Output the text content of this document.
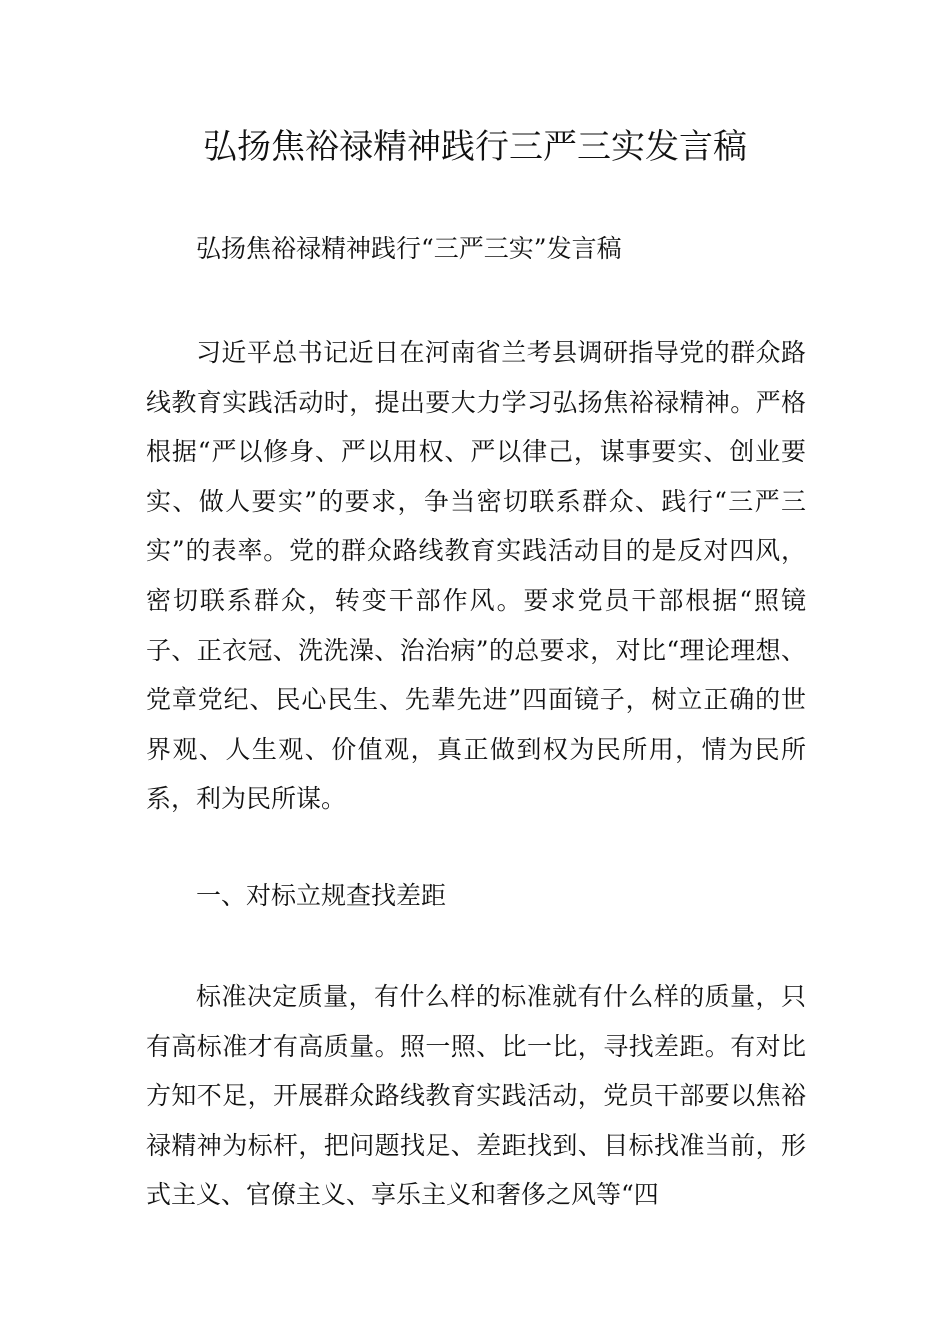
弘扬焦裕禄精神践行三严三实发言稿

弘扬焦裕禄精神践行“三严三实”发言稿

习近平总书记近日在河南省兰考县调研指导党的群众路线教育实践活动时，提出要大力学习弘扬焦裕禄精神。严格根据“严以修身、严以用权、严以律己，谋事要实、创业要实、做人要实”的要求，争当密切联系群众、践行“三严三实”的表率。党的群众路线教育实践活动目的是反对四风，密切联系群众，转变干部作风。要求党员干部根据“照镜子、正衣冠、洗洗澡、治治病”的总要求，对比“理论理想、党章党纪、民心民生、先辈先进”四面镜子，树立正确的世界观、人生观、价值观，真正做到权为民所用，情为民所系，利为民所谋。

一、对标立规查找差距

标准决定质量，有什么样的标准就有什么样的质量，只有高标准才有高质量。照一照、比一比，寻找差距。有对比方知不足，开展群众路线教育实践活动，党员干部要以焦裕禄精神为标杆，把问题找足、差距找到、目标找准当前，形式主义、官僚主义、享乐主义和奢侈之风等“四
